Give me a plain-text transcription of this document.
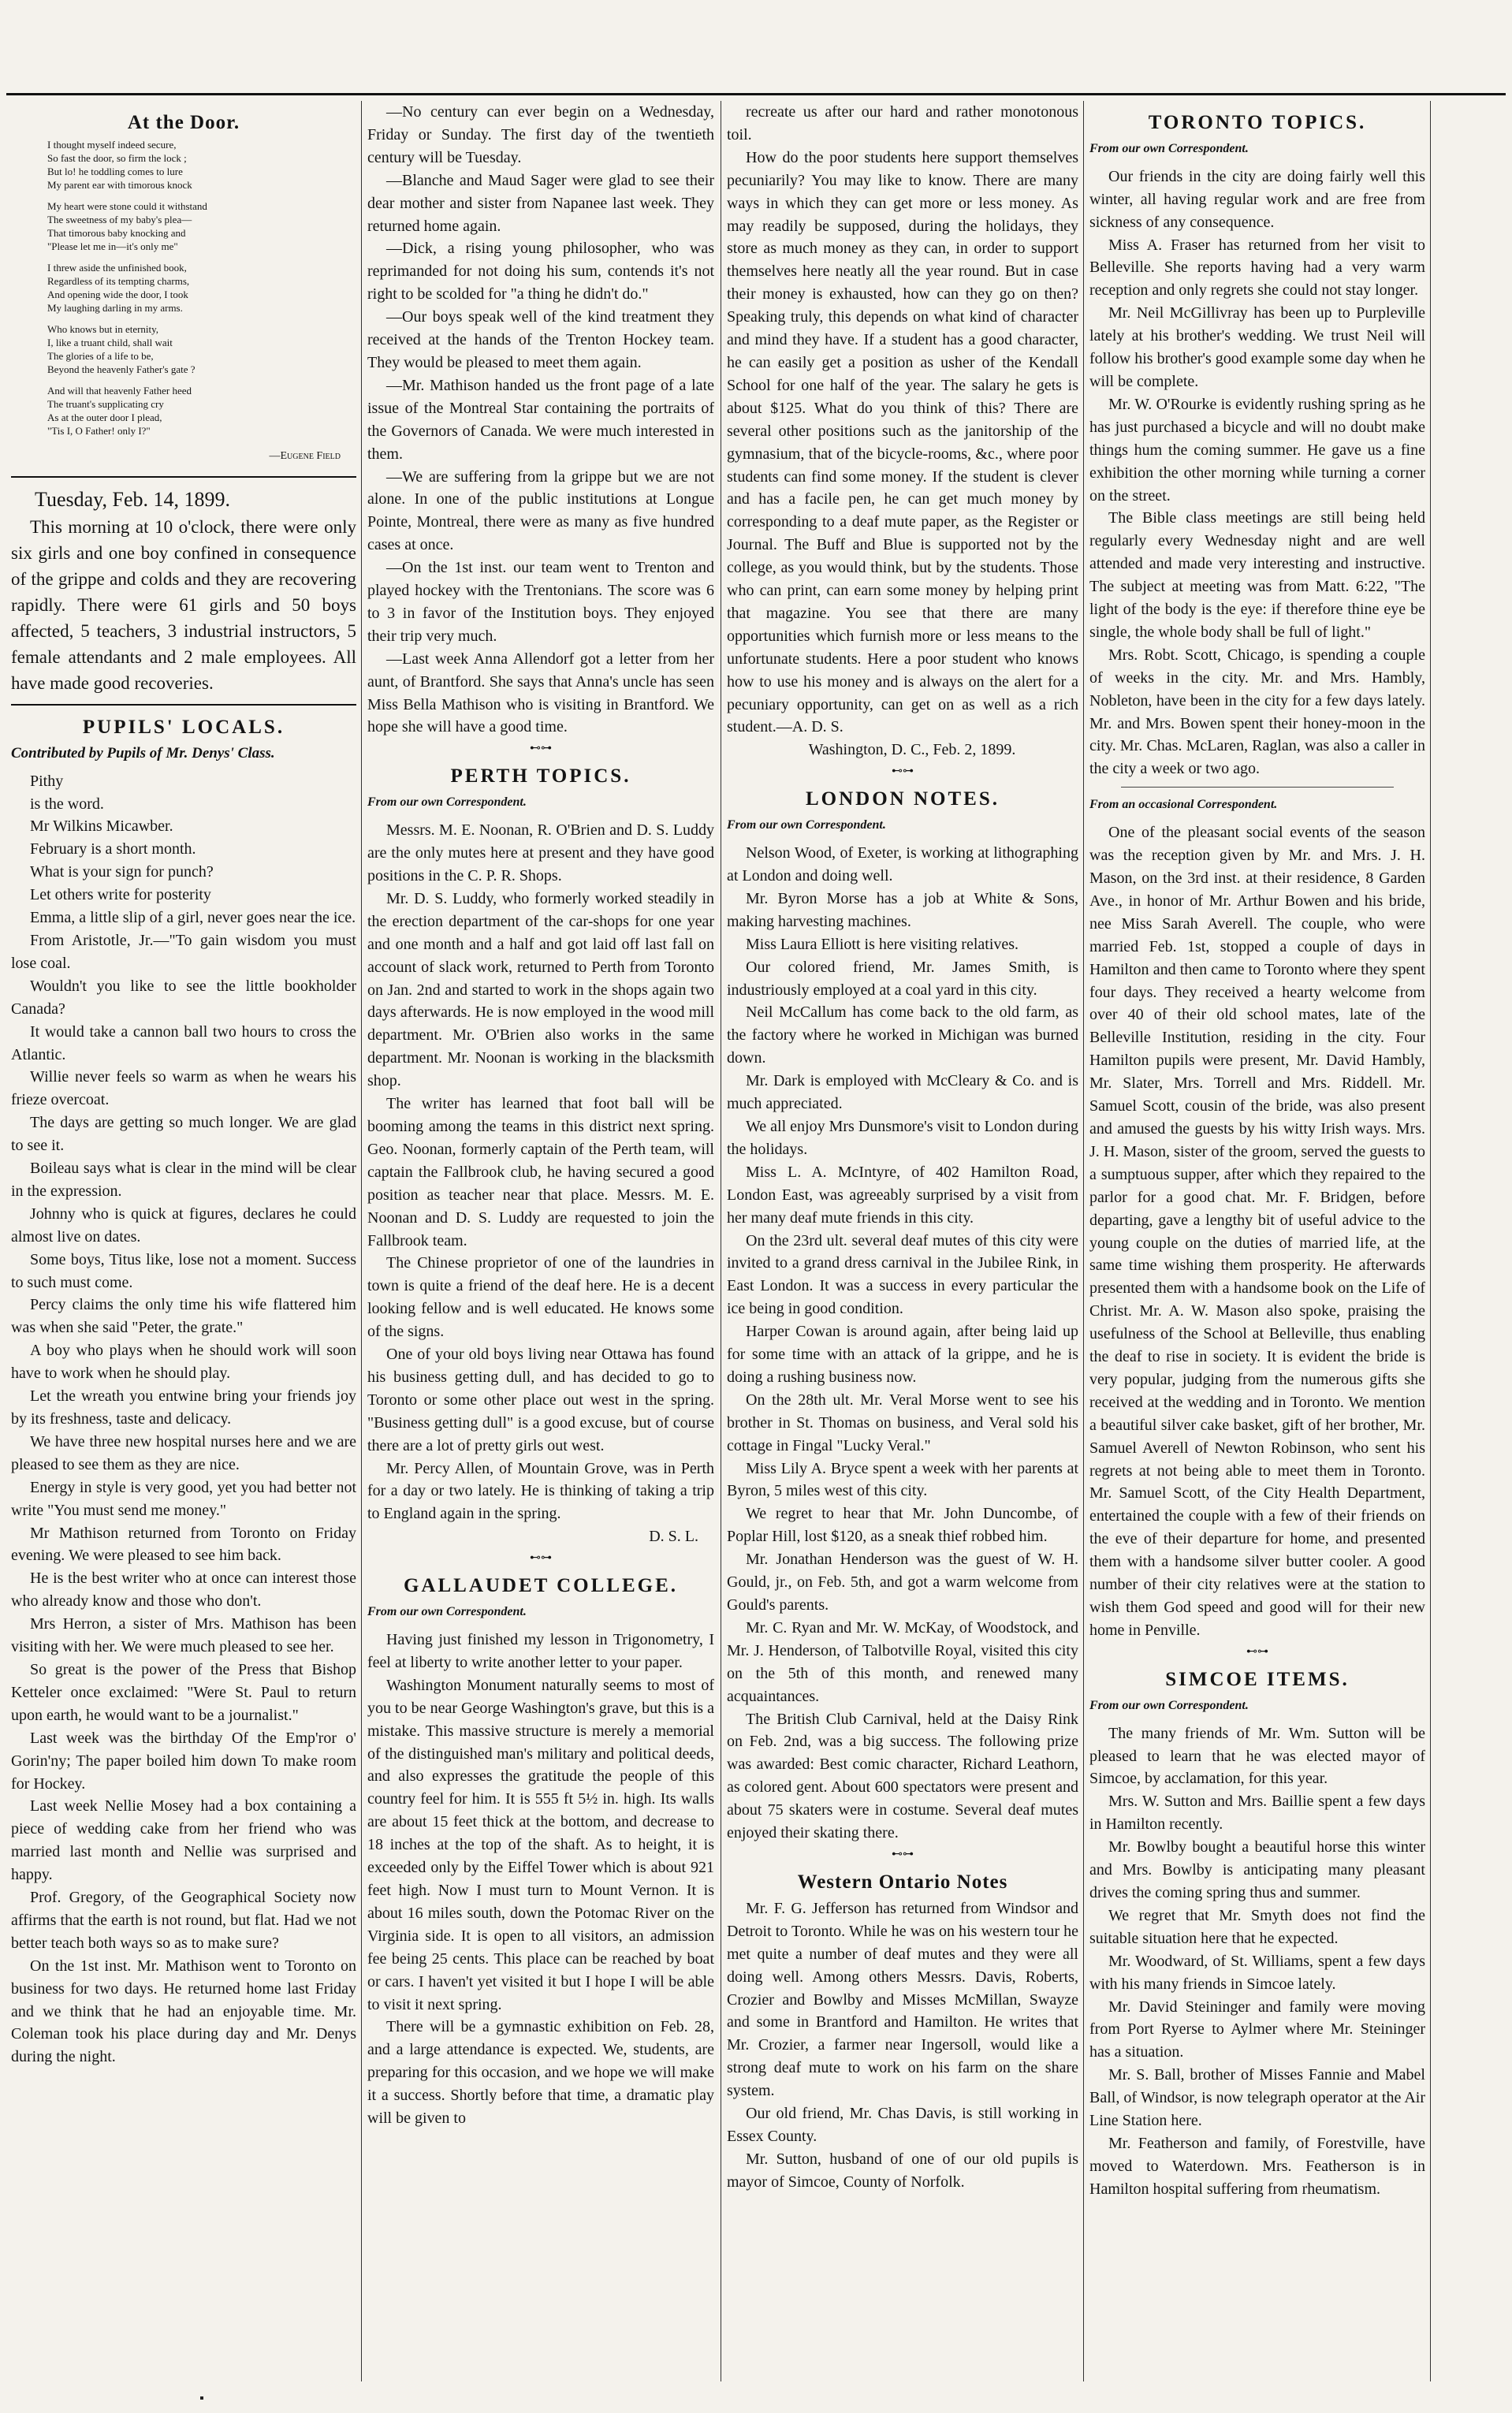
At the Door.
I thought myself indeed secure,
So fast the door, so firm the lock ;
But lo! he toddling comes to lure
My parent ear with timorous knock
My heart were stone could it withstand
The sweetness of my baby's plea—
That timorous baby knocking and
"Please let me in—it's only me"
I threw aside the unfinished book,
Regardless of its tempting charms,
And opening wide the door, I took
My laughing darling in my arms.
Who knows but in eternity,
I, like a truant child, shall wait
The glories of a life to be,
Beyond the heavenly Father's gate ?
And will that heavenly Father heed
The truant's supplicating cry
As at the outer door I plead,
"Tis I, O Father! only I?"
—Eugene Field

Tuesday, Feb. 14, 1899.

This morning at 10 o'clock, there were only six girls and one boy confined in consequence of the grippe and colds and they are recovering rapidly. There were 61 girls and 50 boys affected, 5 teachers, 3 industrial instructors, 5 female attendants and 2 male employees. All have made good recoveries.

PUPILS' LOCALS.
Contributed by Pupils of Mr. Denys' Class.

Pithy

is the word.

Mr Wilkins Micawber.

February is a short month.

What is your sign for punch?

Let others write for posterity

Emma, a little slip of a girl, never goes near the ice.

From Aristotle, Jr.—"To gain wisdom you must lose coal.

Wouldn't you like to see the little bookholder Canada?

It would take a cannon ball two hours to cross the Atlantic.

Willie never feels so warm as when he wears his frieze overcoat.

The days are getting so much longer. We are glad to see it.

Boileau says what is clear in the mind will be clear in the expression.

Johnny who is quick at figures, declares he could almost live on dates.

Some boys, Titus like, lose not a moment. Success to such must come.

Percy claims the only time his wife flattered him was when she said "Peter, the grate."

A boy who plays when he should work will soon have to work when he should play.

Let the wreath you entwine bring your friends joy by its freshness, taste and delicacy.

We have three new hospital nurses here and we are pleased to see them as they are nice.

Energy in style is very good, yet you had better not write "You must send me money."

Mr Mathison returned from Toronto on Friday evening. We were pleased to see him back.

He is the best writer who at once can interest those who already know and those who don't.

Mrs Herron, a sister of Mrs. Mathison has been visiting with her. We were much pleased to see her.

So great is the power of the Press that Bishop Ketteler once exclaimed: "Were St. Paul to return upon earth, he would want to be a journalist."

Last week was the birthday Of the Emp'ror o' Gorin'ny; The paper boiled him down To make room for Hockey.

Last week Nellie Mosey had a box containing a piece of wedding cake from her friend who was married last month and Nellie was surprised and happy.

Prof. Gregory, of the Geographical Society now affirms that the earth is not round, but flat. Had we not better teach both ways so as to make sure?

On the 1st inst. Mr. Mathison went to Toronto on business for two days. He returned home last Friday and we think that he had an enjoyable time. Mr. Coleman took his place during day and Mr. Denys during the night.

—No century can ever begin on a Wednesday, Friday or Sunday. The first day of the twentieth century will be Tuesday.

—Blanche and Maud Sager were glad to see their dear mother and sister from Napanee last week. They returned home again.

—Dick, a rising young philosopher, who was reprimanded for not doing his sum, contends it's not right to be scolded for "a thing he didn't do."

—Our boys speak well of the kind treatment they received at the hands of the Trenton Hockey team. They would be pleased to meet them again.

—Mr. Mathison handed us the front page of a late issue of the Montreal Star containing the portraits of the Governors of Canada. We were much interested in them.

—We are suffering from la grippe but we are not alone. In one of the public institutions at Longue Pointe, Montreal, there were as many as five hundred cases at once.

—On the 1st inst. our team went to Trenton and played hockey with the Trentonians. The score was 6 to 3 in favor of the Institution boys. They enjoyed their trip very much.

—Last week Anna Allendorf got a letter from her aunt, of Brantford. She says that Anna's uncle has seen Miss Bella Mathison who is visiting in Brantford. We hope she will have a good time.

⊷⊶
PERTH TOPICS.
From our own Correspondent.

Messrs. M. E. Noonan, R. O'Brien and D. S. Luddy are the only mutes here at present and they have good positions in the C. P. R. Shops.

Mr. D. S. Luddy, who formerly worked steadily in the erection department of the car-shops for one year and one month and a half and got laid off last fall on account of slack work, returned to Perth from Toronto on Jan. 2nd and started to work in the shops again two days afterwards. He is now employed in the wood mill department. Mr. O'Brien also works in the same department. Mr. Noonan is working in the blacksmith shop.

The writer has learned that foot ball will be booming among the teams in this district next spring. Geo. Noonan, formerly captain of the Perth team, will captain the Fallbrook club, he having secured a good position as teacher near that place. Messrs. M. E. Noonan and D. S. Luddy are requested to join the Fallbrook team.

The Chinese proprietor of one of the laundries in town is quite a friend of the deaf here. He is a decent looking fellow and is well educated. He knows some of the signs.

One of your old boys living near Ottawa has found his business getting dull, and has decided to go to Toronto or some other place out west in the spring. "Business getting dull" is a good excuse, but of course there are a lot of pretty girls out west.

Mr. Percy Allen, of Mountain Grove, was in Perth for a day or two lately. He is thinking of taking a trip to England again in the spring.

D. S. L.
⊷⊶
GALLAUDET COLLEGE.
From our own Correspondent.

Having just finished my lesson in Trigonometry, I feel at liberty to write another letter to your paper.

Washington Monument naturally seems to most of you to be near George Washington's grave, but this is a mistake. This massive structure is merely a memorial of the distinguished man's military and political deeds, and also expresses the gratitude the people of this country feel for him. It is 555 ft 5½ in. high. Its walls are about 15 feet thick at the bottom, and decrease to 18 inches at the top of the shaft. As to height, it is exceeded only by the Eiffel Tower which is about 921 feet high. Now I must turn to Mount Vernon. It is about 16 miles south, down the Potomac River on the Virginia side. It is open to all visitors, an admission fee being 25 cents. This place can be reached by boat or cars. I haven't yet visited it but I hope I will be able to visit it next spring.

There will be a gymnastic exhibition on Feb. 28, and a large attendance is expected. We, students, are preparing for this occasion, and we hope we will make it a success. Shortly before that time, a dramatic play will be given to

recreate us after our hard and rather monotonous toil.

How do the poor students here support themselves pecuniarily? You may like to know. There are many ways in which they can get more or less money. As may readily be supposed, during the holidays, they store as much money as they can, in order to support themselves here neatly all the year round. But in case their money is exhausted, how can they go on then? Speaking truly, this depends on what kind of character and mind they have. If a student has a good character, he can easily get a position as usher of the Kendall School for one half of the year. The salary he gets is about $125. What do you think of this? There are several other positions such as the janitorship of the gymnasium, that of the bicycle-rooms, &c., where poor students can find some money. If the student is clever and has a facile pen, he can get much money by corresponding to a deaf mute paper, as the Register or Journal. The Buff and Blue is supported not by the college, as you would think, but by the students. Those who can print, can earn some money by helping print that magazine. You see that there are many opportunities which furnish more or less means to the unfortunate students. Here a poor student who knows how to use his money and is always on the alert for a pecuniary opportunity, can get on as well as a rich student.—A. D. S.

Washington, D. C., Feb. 2, 1899.

⊷⊶
LONDON NOTES.
From our own Correspondent.

Nelson Wood, of Exeter, is working at lithographing at London and doing well.

Mr. Byron Morse has a job at White & Sons, making harvesting machines.

Miss Laura Elliott is here visiting relatives.

Our colored friend, Mr. James Smith, is industriously employed at a coal yard in this city.

Neil McCallum has come back to the old farm, as the factory where he worked in Michigan was burned down.

Mr. Dark is employed with McCleary & Co. and is much appreciated.

We all enjoy Mrs Dunsmore's visit to London during the holidays.

Miss L. A. McIntyre, of 402 Hamilton Road, London East, was agreeably surprised by a visit from her many deaf mute friends in this city.

On the 23rd ult. several deaf mutes of this city were invited to a grand dress carnival in the Jubilee Rink, in East London. It was a success in every particular the ice being in good condition.

Harper Cowan is around again, after being laid up for some time with an attack of la grippe, and he is doing a rushing business now.

On the 28th ult. Mr. Veral Morse went to see his brother in St. Thomas on business, and Veral sold his cottage in Fingal "Lucky Veral."

Miss Lily A. Bryce spent a week with her parents at Byron, 5 miles west of this city.

We regret to hear that Mr. John Duncombe, of Poplar Hill, lost $120, as a sneak thief robbed him.

Mr. Jonathan Henderson was the guest of W. H. Gould, jr., on Feb. 5th, and got a warm welcome from Gould's parents.

Mr. C. Ryan and Mr. W. McKay, of Woodstock, and Mr. J. Henderson, of Talbotville Royal, visited this city on the 5th of this month, and renewed many acquaintances.

The British Club Carnival, held at the Daisy Rink on Feb. 2nd, was a big success. The following prize was awarded: Best comic character, Richard Leathorn, as colored gent. About 600 spectators were present and about 75 skaters were in costume. Several deaf mutes enjoyed their skating there.

⊷⊶
Western Ontario Notes

Mr. F. G. Jefferson has returned from Windsor and Detroit to Toronto. While he was on his western tour he met quite a number of deaf mutes and they were all doing well. Among others Messrs. Davis, Roberts, Crozier and Bowlby and Misses McMillan, Swayze and some in Brantford and Hamilton. He writes that Mr. Crozier, a farmer near Ingersoll, would like a strong deaf mute to work on his farm on the share system.

Our old friend, Mr. Chas Davis, is still working in Essex County.

Mr. Sutton, husband of one of our old pupils is mayor of Simcoe, County of Norfolk.

TORONTO TOPICS.
From our own Correspondent.

Our friends in the city are doing fairly well this winter, all having regular work and are free from sickness of any consequence.

Miss A. Fraser has returned from her visit to Belleville. She reports having had a very warm reception and only regrets she could not stay longer.

Mr. Neil McGillivray has been up to Purpleville lately at his brother's wedding. We trust Neil will follow his brother's good example some day when he will be complete.

Mr. W. O'Rourke is evidently rushing spring as he has just purchased a bicycle and will no doubt make things hum the coming summer. He gave us a fine exhibition the other morning while turning a corner on the street.

The Bible class meetings are still being held regularly every Wednesday night and are well attended and made very interesting and instructive. The subject at meeting was from Matt. 6:22, "The light of the body is the eye: if therefore thine eye be single, the whole body shall be full of light."

Mrs. Robt. Scott, Chicago, is spending a couple of weeks in the city. Mr. and Mrs. Hambly, Nobleton, have been in the city for a few days lately. Mr. and Mrs. Bowen spent their honey-moon in the city. Mr. Chas. McLaren, Raglan, was also a caller in the city a week or two ago.

From an occasional Correspondent.

One of the pleasant social events of the season was the reception given by Mr. and Mrs. J. H. Mason, on the 3rd inst. at their residence, 8 Garden Ave., in honor of Mr. Arthur Bowen and his bride, nee Miss Sarah Averell. The couple, who were married Feb. 1st, stopped a couple of days in Hamilton and then came to Toronto where they spent four days. They received a hearty welcome from over 40 of their old school mates, late of the Belleville Institution, residing in the city. Four Hamilton pupils were present, Mr. David Hambly, Mr. Slater, Mrs. Torrell and Mrs. Riddell. Mr. Samuel Scott, cousin of the bride, was also present and amused the guests by his witty Irish ways. Mrs. J. H. Mason, sister of the groom, served the guests to a sumptuous supper, after which they repaired to the parlor for a good chat. Mr. F. Bridgen, before departing, gave a lengthy bit of useful advice to the young couple on the duties of married life, at the same time wishing them prosperity. He afterwards presented them with a handsome book on the Life of Christ. Mr. A. W. Mason also spoke, praising the usefulness of the School at Belleville, thus enabling the deaf to rise in society. It is evident the bride is very popular, judging from the numerous gifts she received at the wedding and in Toronto. We mention a beautiful silver cake basket, gift of her brother, Mr. Samuel Averell of Newton Robinson, who sent his regrets at not being able to meet them in Toronto. Mr. Samuel Scott, of the City Health Department, entertained the couple with a few of their friends on the eve of their departure for home, and presented them with a handsome silver butter cooler. A good number of their city relatives were at the station to wish them God speed and good will for their new home in Penville.

⊷⊶
SIMCOE ITEMS.
From our own Correspondent.

The many friends of Mr. Wm. Sutton will be pleased to learn that he was elected mayor of Simcoe, by acclamation, for this year.

Mrs. W. Sutton and Mrs. Baillie spent a few days in Hamilton recently.

Mr. Bowlby bought a beautiful horse this winter and Mrs. Bowlby is anticipating many pleasant drives the coming spring thus and summer.

We regret that Mr. Smyth does not find the suitable situation here that he expected.

Mr. Woodward, of St. Williams, spent a few days with his many friends in Simcoe lately.

Mr. David Steininger and family were moving from Port Ryerse to Aylmer where Mr. Steininger has a situation.

Mr. S. Ball, brother of Misses Fannie and Mabel Ball, of Windsor, is now telegraph operator at the Air Line Station here.

Mr. Featherson and family, of Forestville, have moved to Waterdown. Mrs. Featherson is in Hamilton hospital suffering from rheumatism.
